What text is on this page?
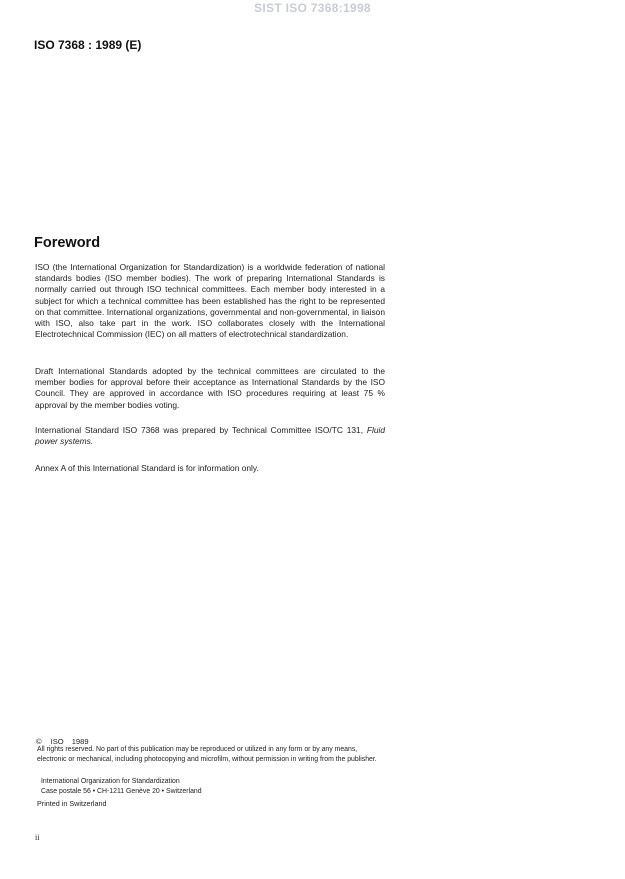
SIST ISO 7368:1998
ISO 7368 : 1989 (E)
Foreword
ISO (the International Organization for Standardization) is a worldwide federation of national standards bodies (ISO member bodies). The work of preparing International Standards is normally carried out through ISO technical committees. Each member body interested in a subject for which a technical committee has been established has the right to be represented on that committee. International organizations, governmental and non-governmental, in liaison with ISO, also take part in the work. ISO collaborates closely with the International Electrotechnical Commission (IEC) on all matters of electrotechnical standardization.
Draft International Standards adopted by the technical committees are circulated to the member bodies for approval before their acceptance as International Standards by the ISO Council. They are approved in accordance with ISO procedures requiring at least 75 % approval by the member bodies voting.
International Standard ISO 7368 was prepared by Technical Committee ISO/TC 131, Fluid power systems.
Annex A of this International Standard is for information only.
© ISO 1989
All rights reserved. No part of this publication may be reproduced or utilized in any form or by any means, electronic or mechanical, including photocopying and microfilm, without permission in writing from the publisher.
International Organization for Standardization
Case postale 56 • CH-1211 Genève 20 • Switzerland
Printed in Switzerland
ii
